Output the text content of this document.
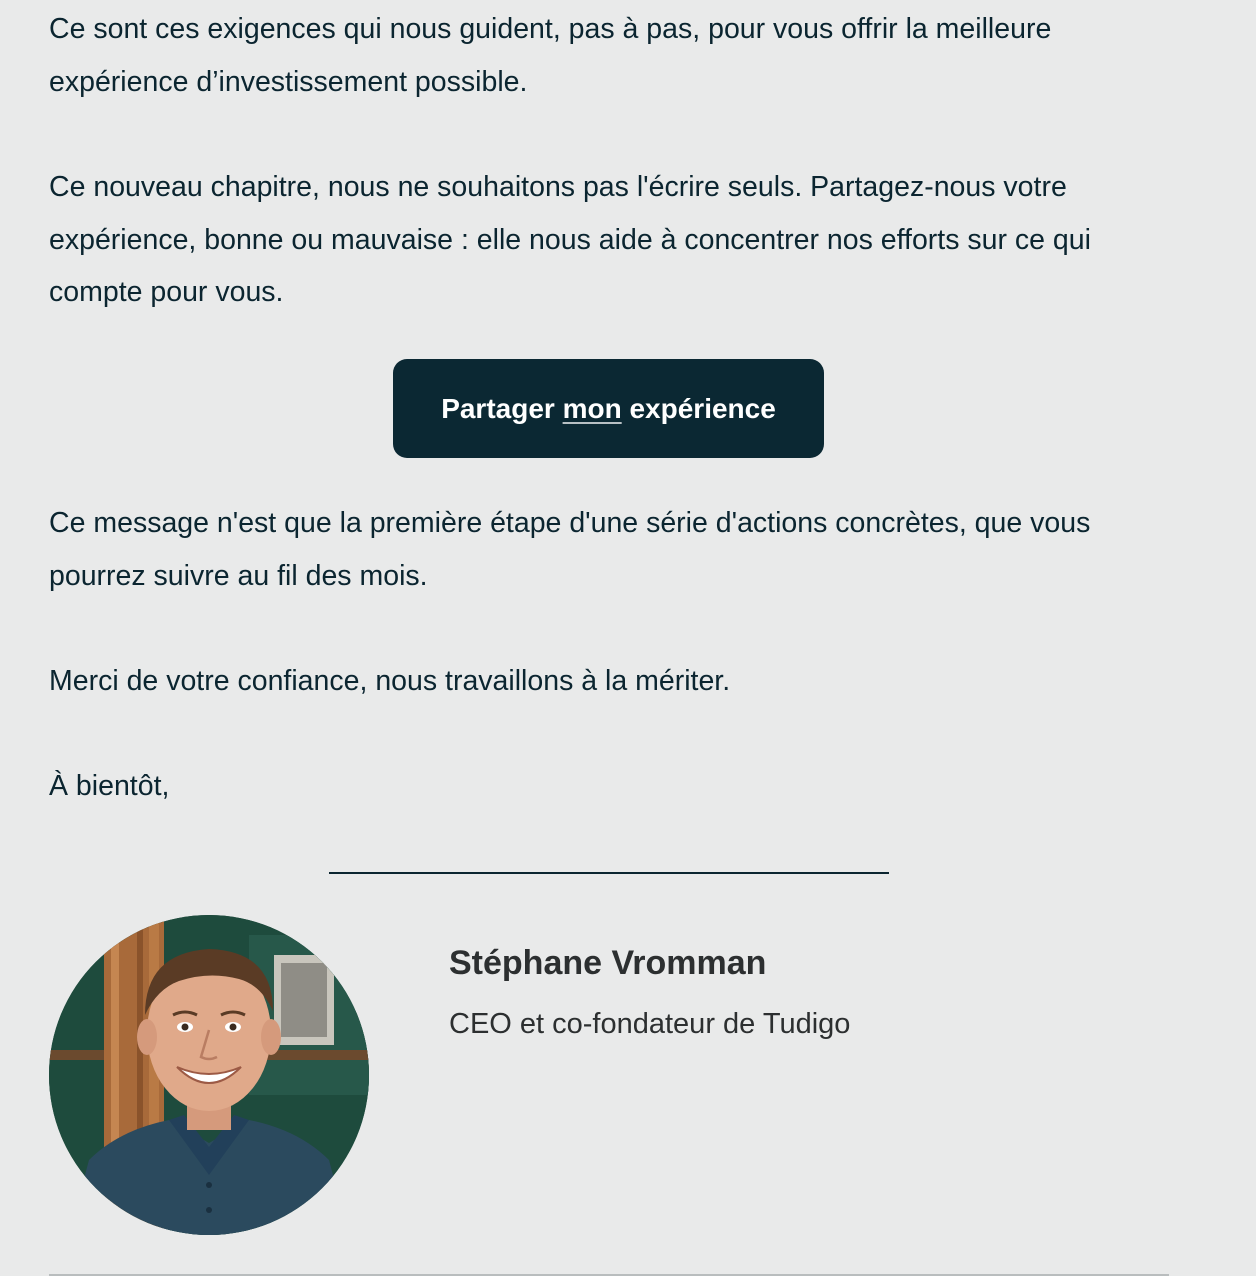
Ce sont ces exigences qui nous guident, pas à pas, pour vous offrir la meilleure expérience d’investissement possible.

Ce nouveau chapitre, nous ne souhaitons pas l'écrire seuls. Partagez-nous votre expérience, bonne ou mauvaise : elle nous aide à concentrer nos efforts sur ce qui compte pour vous.

Ce message n'est que la première étape d'une série d'actions concrètes, que vous pourrez suivre au fil des mois.

Merci de votre confiance, nous travaillons à la mériter.

À bientôt,

Partager mon expérience
Stéphane Vromman
CEO et co-fondateur de Tudigo
